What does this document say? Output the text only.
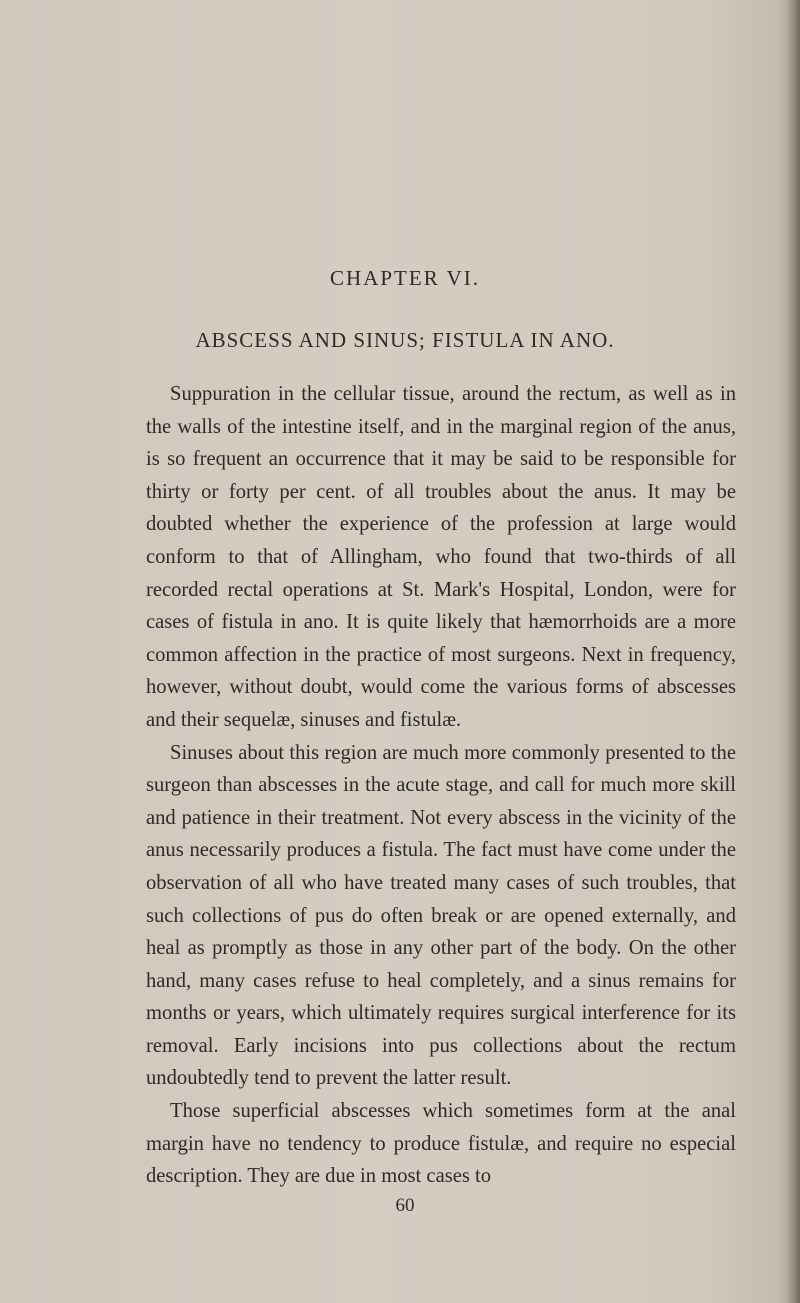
CHAPTER VI.
ABSCESS AND SINUS; FISTULA IN ANO.

Suppuration in the cellular tissue, around the rectum, as well as in the walls of the intestine itself, and in the marginal region of the anus, is so frequent an occurrence that it may be said to be responsible for thirty or forty per cent. of all troubles about the anus. It may be doubted whether the experience of the profession at large would conform to that of Allingham, who found that two-thirds of all recorded rectal operations at St. Mark's Hospital, London, were for cases of fistula in ano. It is quite likely that hæmorrhoids are a more common affection in the practice of most surgeons. Next in frequency, however, without doubt, would come the various forms of abscesses and their sequelæ, sinuses and fistulæ.

Sinuses about this region are much more commonly presented to the surgeon than abscesses in the acute stage, and call for much more skill and patience in their treatment. Not every abscess in the vicinity of the anus necessarily produces a fistula. The fact must have come under the observation of all who have treated many cases of such troubles, that such collections of pus do often break or are opened externally, and heal as promptly as those in any other part of the body. On the other hand, many cases refuse to heal completely, and a sinus remains for months or years, which ultimately requires surgical interference for its removal. Early incisions into pus collections about the rectum undoubtedly tend to prevent the latter result.

Those superficial abscesses which sometimes form at the anal margin have no tendency to produce fistulæ, and require no especial description. They are due in most cases to

60
